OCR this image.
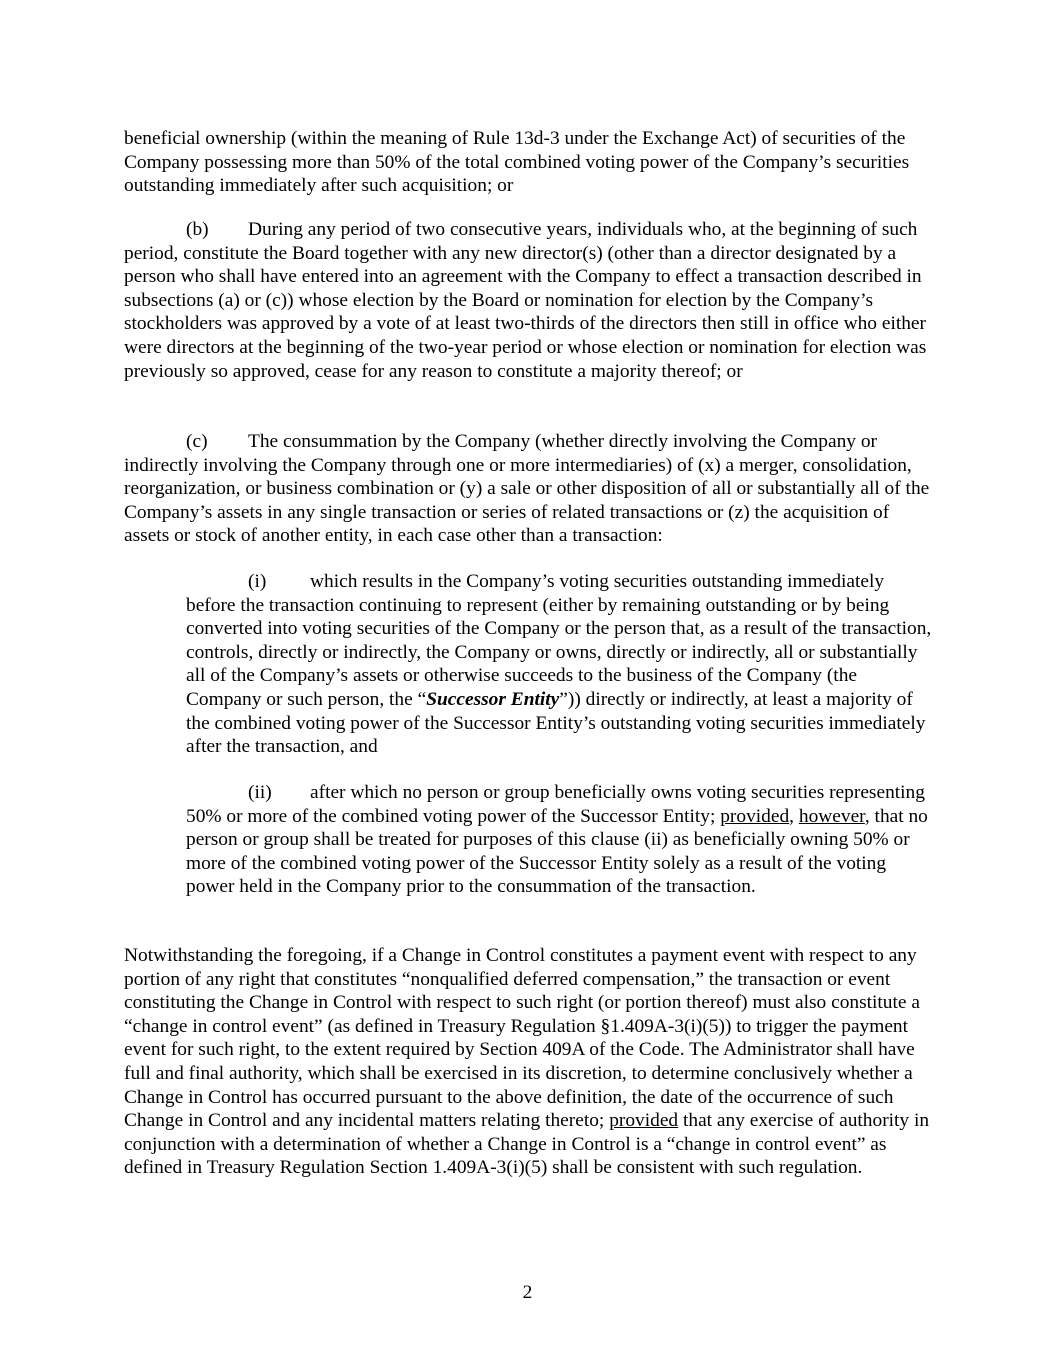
beneficial ownership (within the meaning of Rule 13d-3 under the Exchange Act) of securities of the Company possessing more than 50% of the total combined voting power of the Company’s securities outstanding immediately after such acquisition; or

(b) During any period of two consecutive years, individuals who, at the beginning of such period, constitute the Board together with any new director(s) (other than a director designated by a person who shall have entered into an agreement with the Company to effect a transaction described in subsections (a) or (c)) whose election by the Board or nomination for election by the Company’s stockholders was approved by a vote of at least two-thirds of the directors then still in office who either were directors at the beginning of the two-year period or whose election or nomination for election was previously so approved, cease for any reason to constitute a majority thereof; or

(c) The consummation by the Company (whether directly involving the Company or indirectly involving the Company through one or more intermediaries) of (x) a merger, consolidation, reorganization, or business combination or (y) a sale or other disposition of all or substantially all of the Company’s assets in any single transaction or series of related transactions or (z) the acquisition of assets or stock of another entity, in each case other than a transaction:

(i) which results in the Company’s voting securities outstanding immediately before the transaction continuing to represent (either by remaining outstanding or by being converted into voting securities of the Company or the person that, as a result of the transaction, controls, directly or indirectly, the Company or owns, directly or indirectly, all or substantially all of the Company’s assets or otherwise succeeds to the business of the Company (the Company or such person, the “Successor Entity”)) directly or indirectly, at least a majority of the combined voting power of the Successor Entity’s outstanding voting securities immediately after the transaction, and

(ii) after which no person or group beneficially owns voting securities representing 50% or more of the combined voting power of the Successor Entity; provided, however, that no person or group shall be treated for purposes of this clause (ii) as beneficially owning 50% or more of the combined voting power of the Successor Entity solely as a result of the voting power held in the Company prior to the consummation of the transaction.

Notwithstanding the foregoing, if a Change in Control constitutes a payment event with respect to any portion of any right that constitutes “nonqualified deferred compensation,” the transaction or event constituting the Change in Control with respect to such right (or portion thereof) must also constitute a “change in control event” (as defined in Treasury Regulation §1.409A-3(i)(5)) to trigger the payment event for such right, to the extent required by Section 409A of the Code. The Administrator shall have full and final authority, which shall be exercised in its discretion, to determine conclusively whether a Change in Control has occurred pursuant to the above definition, the date of the occurrence of such Change in Control and any incidental matters relating thereto; provided that any exercise of authority in conjunction with a determination of whether a Change in Control is a “change in control event” as defined in Treasury Regulation Section 1.409A-3(i)(5) shall be consistent with such regulation.

2
